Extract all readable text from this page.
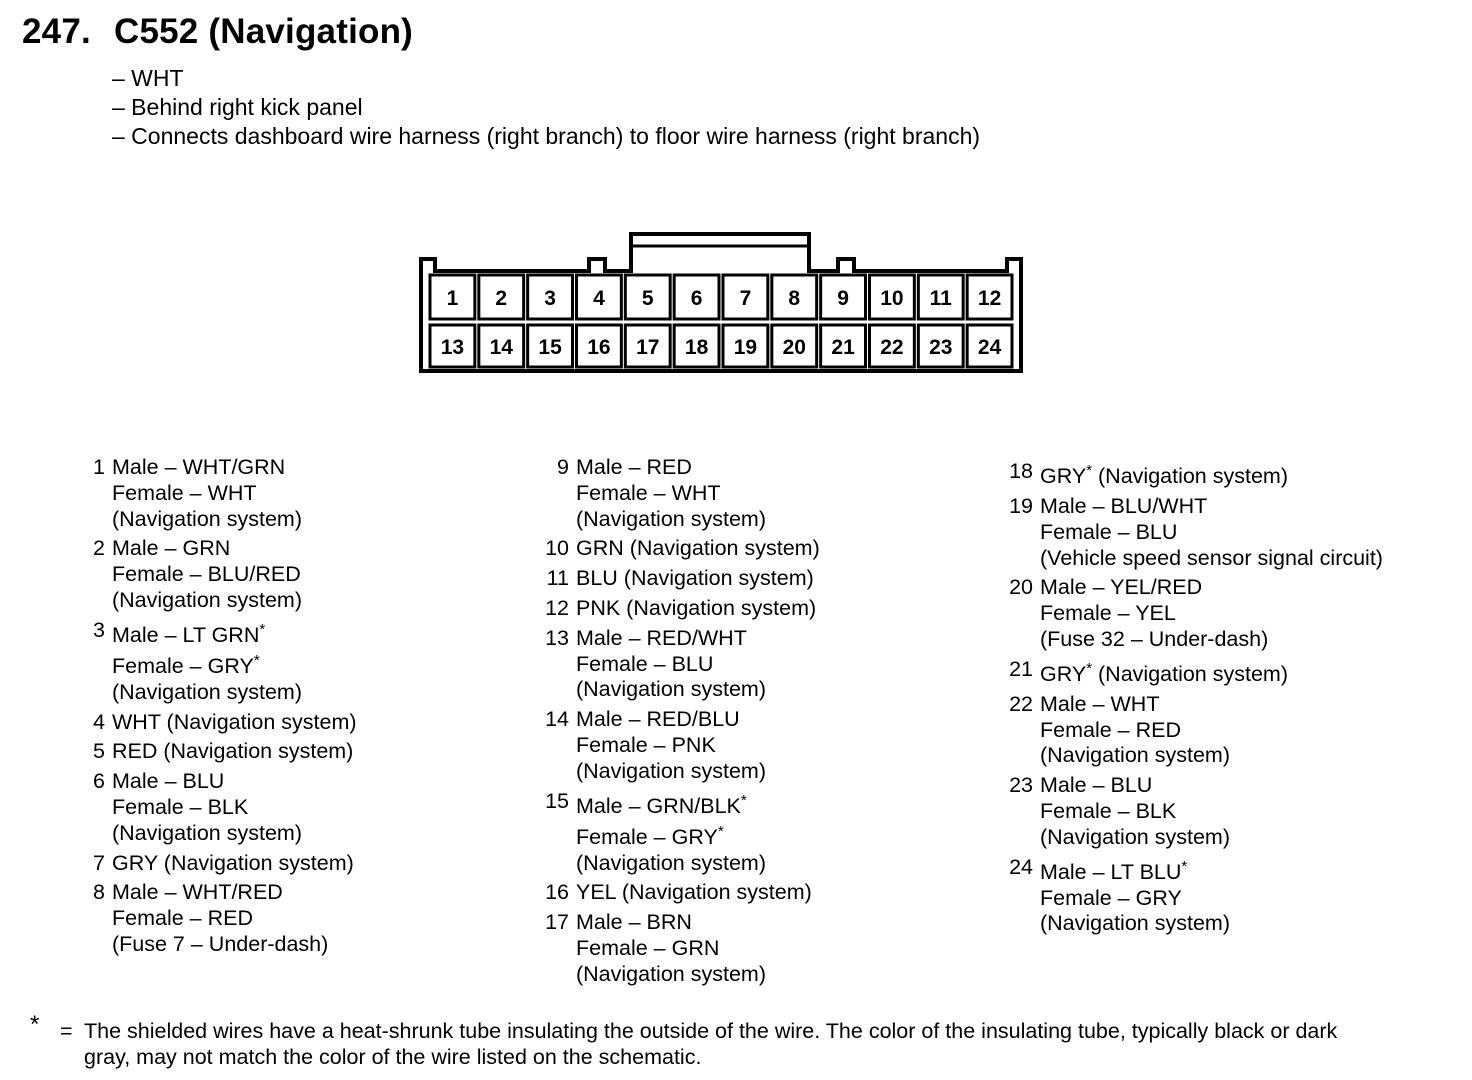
247. C552 (Navigation)
– WHT
– Behind right kick panel
– Connects dashboard wire harness (right branch) to floor wire harness (right branch)
1 2 3 4 5 6 7 8 9 10 11 12
13 14 15 16 17 18 19 20 21 22 23 24
1 Male – WHT/GRN
Female – WHT
(Navigation system)
2 Male – GRN
Female – BLU/RED
(Navigation system)
3 Male – LT GRN*
Female – GRY*
(Navigation system)
4 WHT (Navigation system)
5 RED (Navigation system)
6 Male – BLU
Female – BLK
(Navigation system)
7 GRY (Navigation system)
8 Male – WHT/RED
Female – RED
(Fuse 7 – Under-dash)
9 Male – RED
Female – WHT
(Navigation system)
10 GRN (Navigation system)
11 BLU (Navigation system)
12 PNK (Navigation system)
13 Male – RED/WHT
Female – BLU
(Navigation system)
14 Male – RED/BLU
Female – PNK
(Navigation system)
15 Male – GRN/BLK*
Female – GRY*
(Navigation system)
16 YEL (Navigation system)
17 Male – BRN
Female – GRN
(Navigation system)
18 GRY* (Navigation system)
19 Male – BLU/WHT
Female – BLU
(Vehicle speed sensor signal circuit)
20 Male – YEL/RED
Female – YEL
(Fuse 32 – Under-dash)
21 GRY* (Navigation system)
22 Male – WHT
Female – RED
(Navigation system)
23 Male – BLU
Female – BLK
(Navigation system)
24 Male – LT BLU*
Female – GRY
(Navigation system)
* = The shielded wires have a heat-shrunk tube insulating the outside of the wire. The color of the insulating tube, typically black or dark
gray, may not match the color of the wire listed on the schematic.
